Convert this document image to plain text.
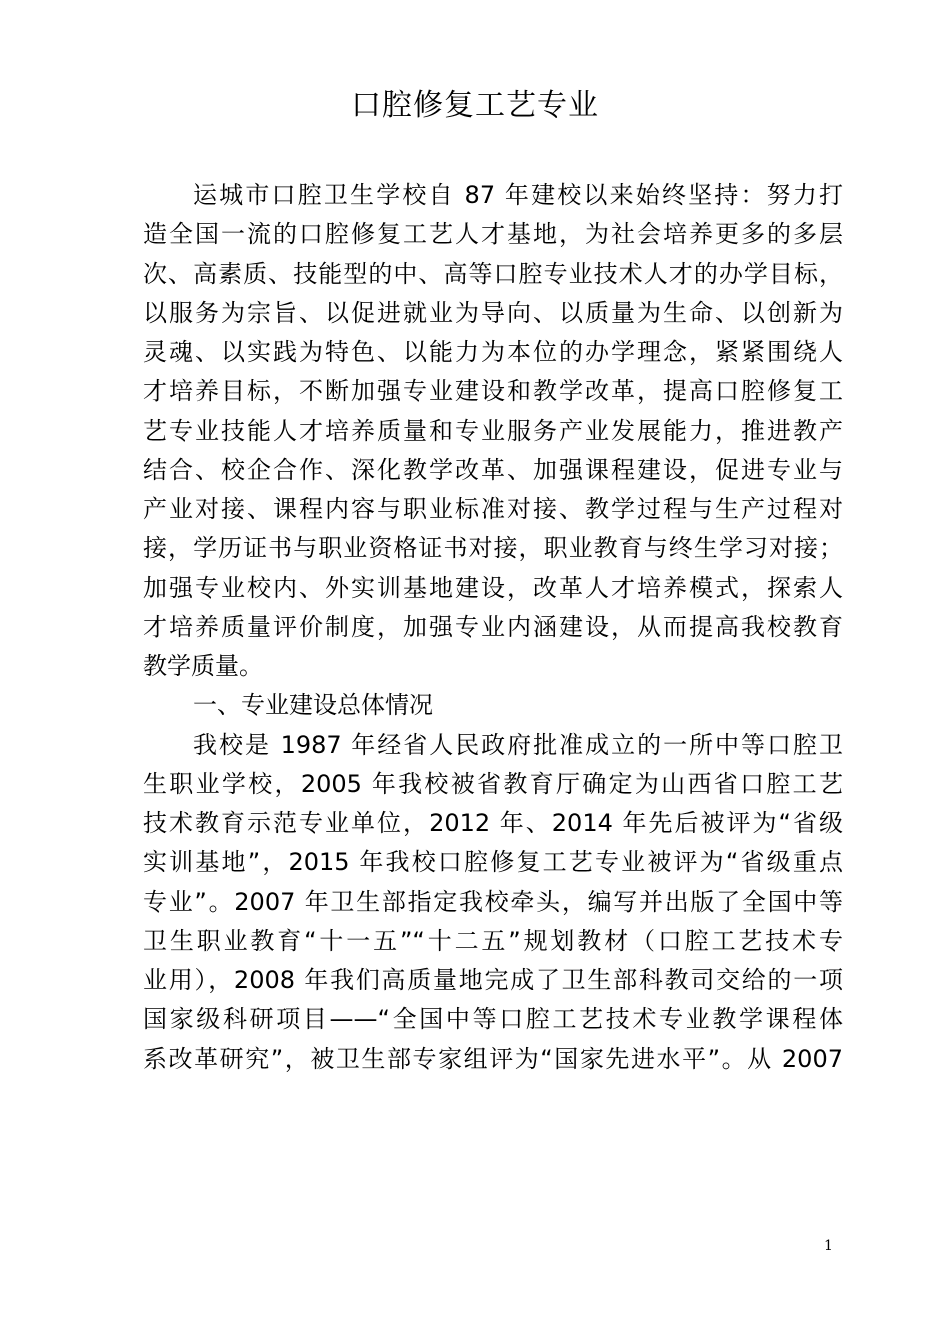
口腔修复工艺专业
运城市口腔卫生学校自 87 年建校以来始终坚持：努力打
造全国一流的口腔修复工艺人才基地，为社会培养更多的多层
次、高素质、技能型的中、高等口腔专业技术人才的办学目标，
以服务为宗旨、以促进就业为导向、以质量为生命、以创新为
灵魂、以实践为特色、以能力为本位的办学理念，紧紧围绕人
才培养目标，不断加强专业建设和教学改革，提高口腔修复工
艺专业技能人才培养质量和专业服务产业发展能力，推进教产
结合、校企合作、深化教学改革、加强课程建设，促进专业与
产业对接、课程内容与职业标准对接、教学过程与生产过程对
接，学历证书与职业资格证书对接，职业教育与终生学习对接；
加强专业校内、外实训基地建设，改革人才培养模式，探索人
才培养质量评价制度，加强专业内涵建设，从而提高我校教育
教学质量。
一、专业建设总体情况
我校是 1987 年经省人民政府批准成立的一所中等口腔卫
生职业学校，2005 年我校被省教育厅确定为山西省口腔工艺
技术教育示范专业单位，2012 年、2014 年先后被评为“省级
实训基地”，2015 年我校口腔修复工艺专业被评为“省级重点
专业”。2007 年卫生部指定我校牵头，编写并出版了全国中等
卫生职业教育“十一五”“十二五”规划教材（口腔工艺技术专
业用），2008 年我们高质量地完成了卫生部科教司交给的一项
国家级科研项目——“全国中等口腔工艺技术专业教学课程体
系改革研究”，被卫生部专家组评为“国家先进水平”。从 2007
1
